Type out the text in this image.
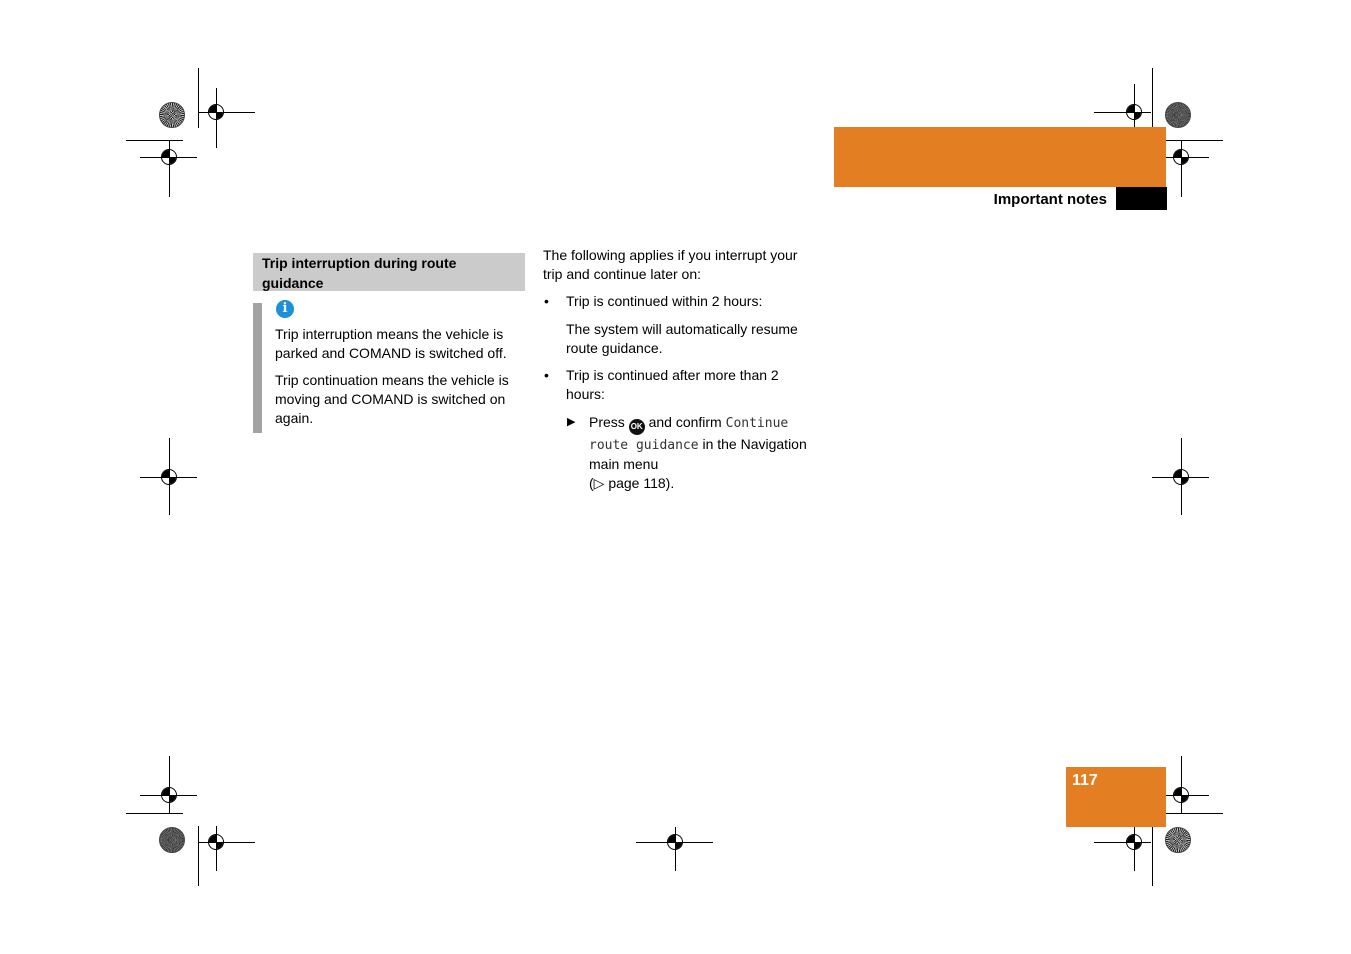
Navigation
Important notes
Trip interruption during route guidance
i
Trip interruption means the vehicle is parked and COMAND is switched off.
Trip continuation means the vehicle is moving and COMAND is switched on again.
The following applies if you interrupt your trip and continue later on:
• Trip is continued within 2 hours:
The system will automatically resume route guidance.
• Trip is continued after more than 2 hours:
▶ Press OK and confirm Continue route guidance in the Navigation main menu
(▷ page 118).
117
